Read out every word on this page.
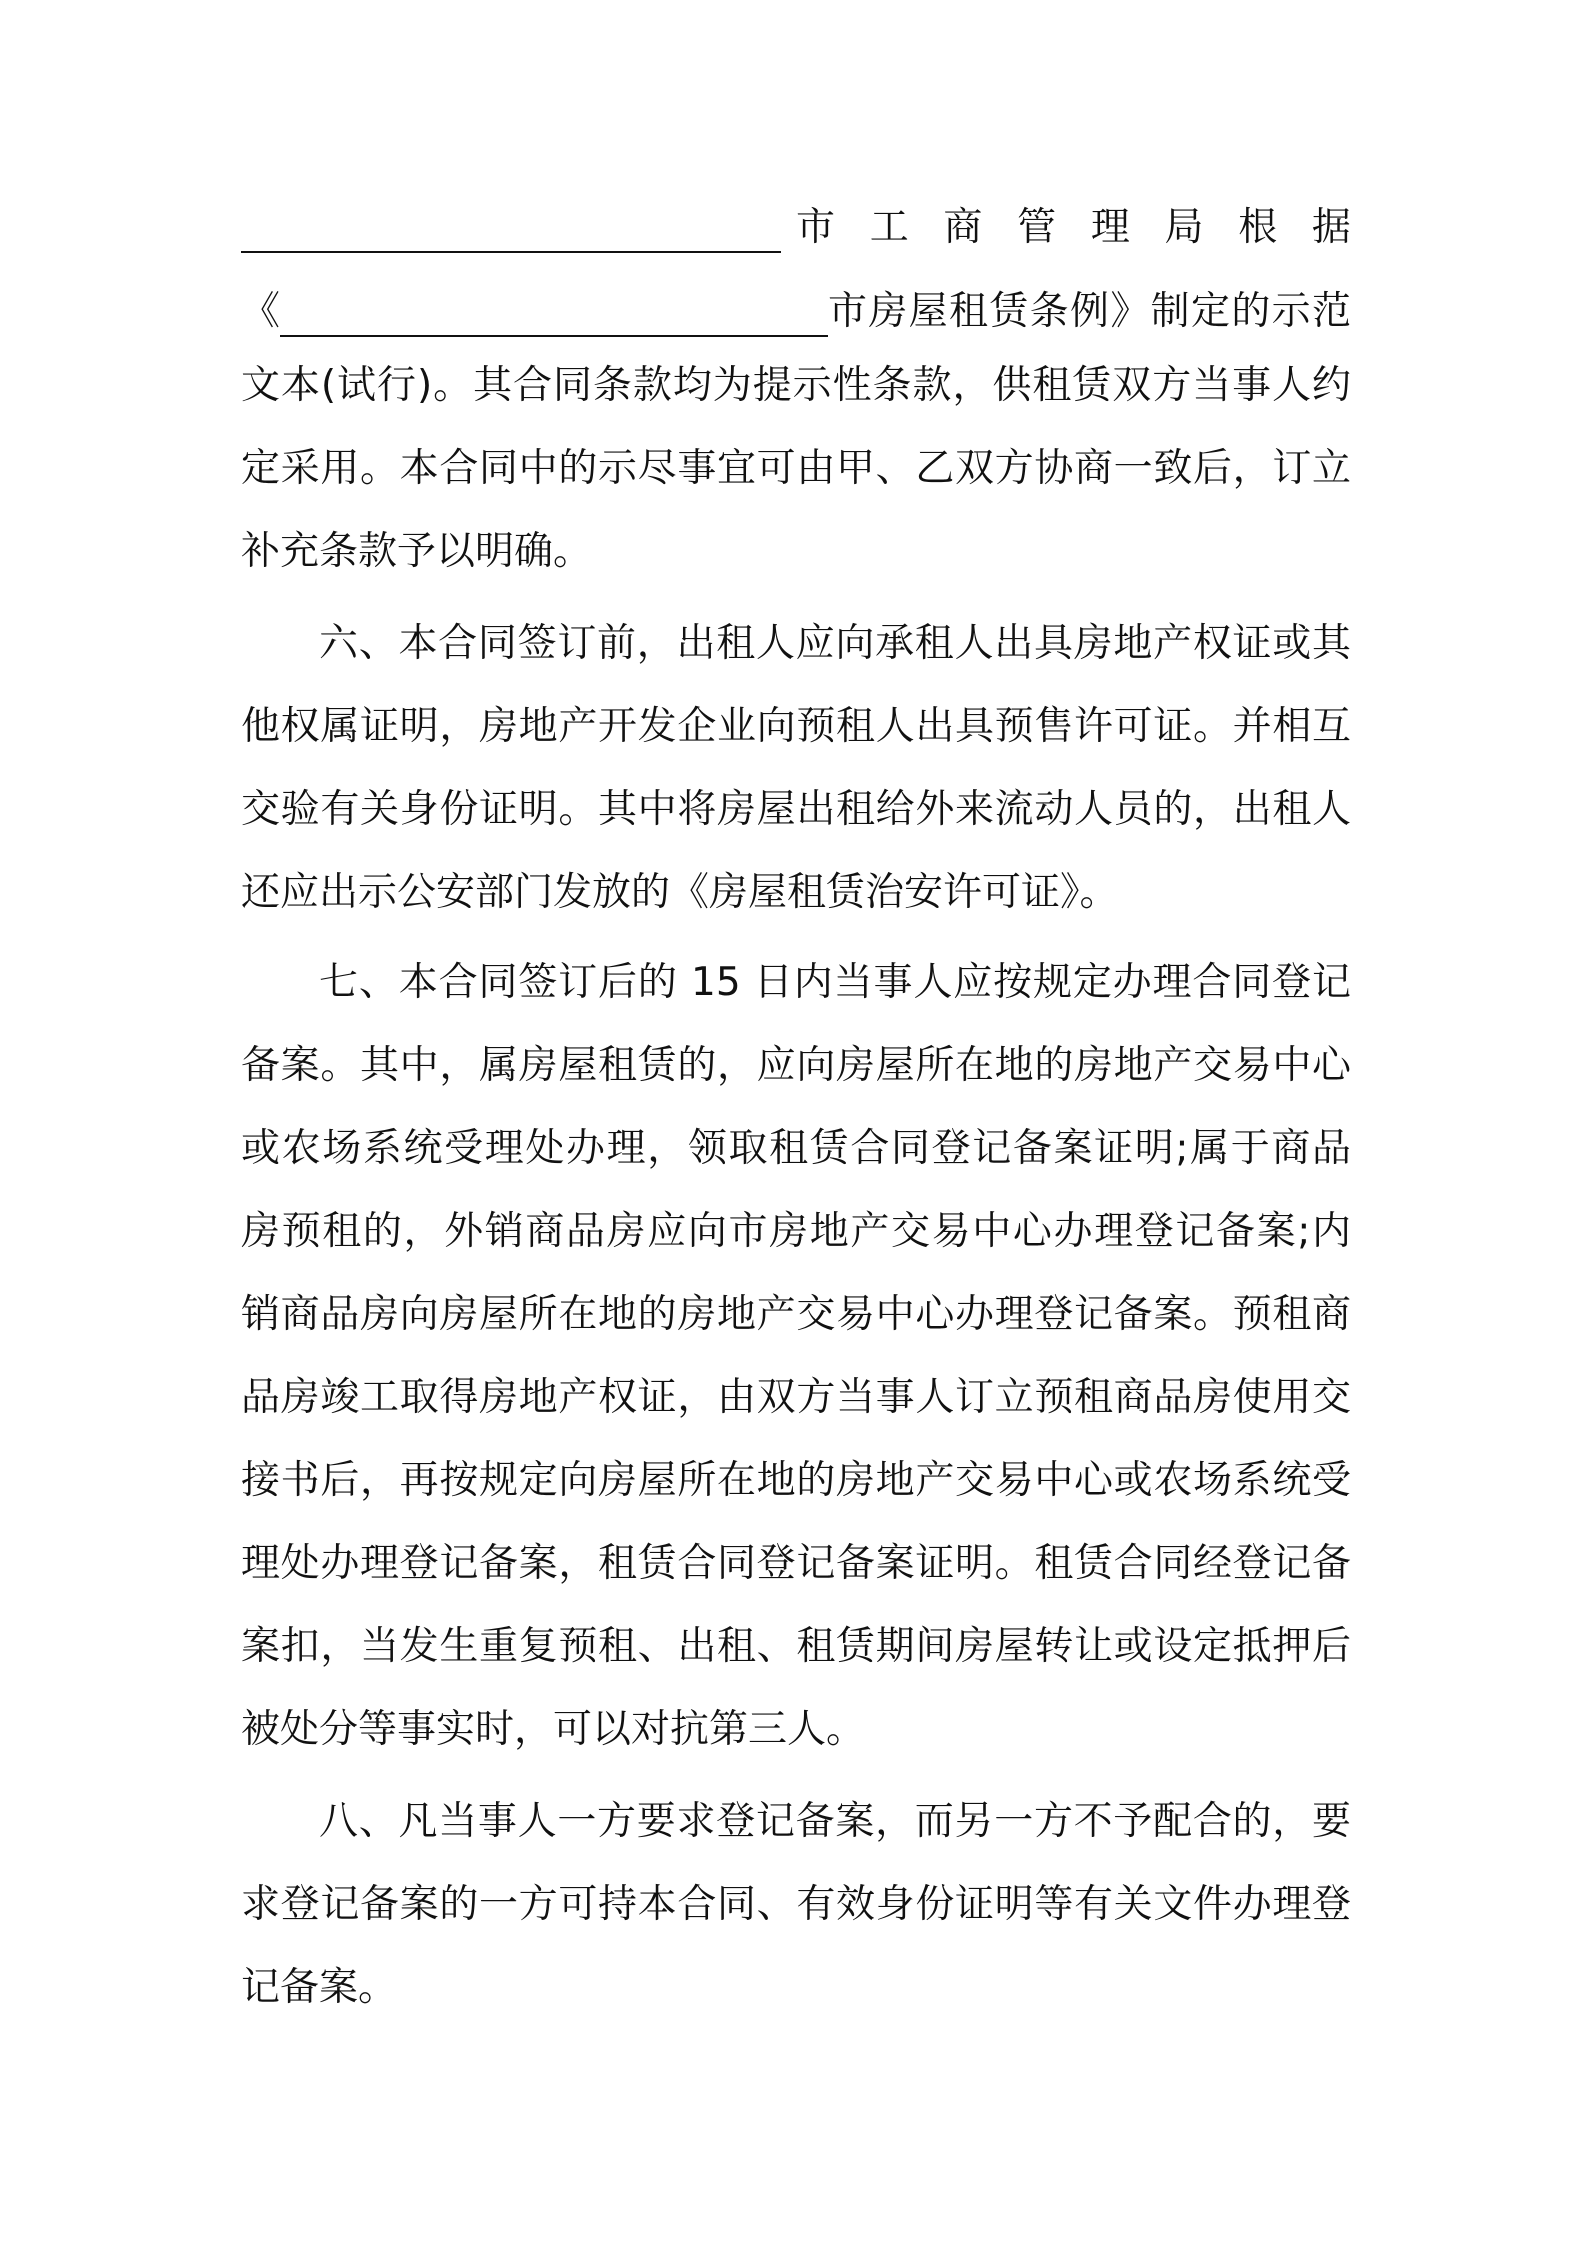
市 工 商 管 理 局 根 据
《	市房屋租赁条例》制定的示范
文本(试行)。其合同条款均为提示性条款，供租赁双方当事人约
定采用。本合同中的示尽事宜可由甲、乙双方协商一致后，订立
补充条款予以明确。
六、本合同签订前，出租人应向承租人出具房地产权证或其
他权属证明，房地产开发企业向预租人出具预售许可证。并相互
交验有关身份证明。其中将房屋出租给外来流动人员的，出租人
还应出示公安部门发放的《房屋租赁治安许可证》。
七、本合同签订后的 15 日内当事人应按规定办理合同登记
备案。其中，属房屋租赁的，应向房屋所在地的房地产交易中心
或农场系统受理处办理，领取租赁合同登记备案证明;属于商品
房预租的，外销商品房应向市房地产交易中心办理登记备案;内
销商品房向房屋所在地的房地产交易中心办理登记备案。预租商
品房竣工取得房地产权证，由双方当事人订立预租商品房使用交
接书后，再按规定向房屋所在地的房地产交易中心或农场系统受
理处办理登记备案，租赁合同登记备案证明。租赁合同经登记备
案扣，当发生重复预租、出租、租赁期间房屋转让或设定抵押后
被处分等事实时，可以对抗第三人。
八、凡当事人一方要求登记备案，而另一方不予配合的，要
求登记备案的一方可持本合同、有效身份证明等有关文件办理登
记备案。
